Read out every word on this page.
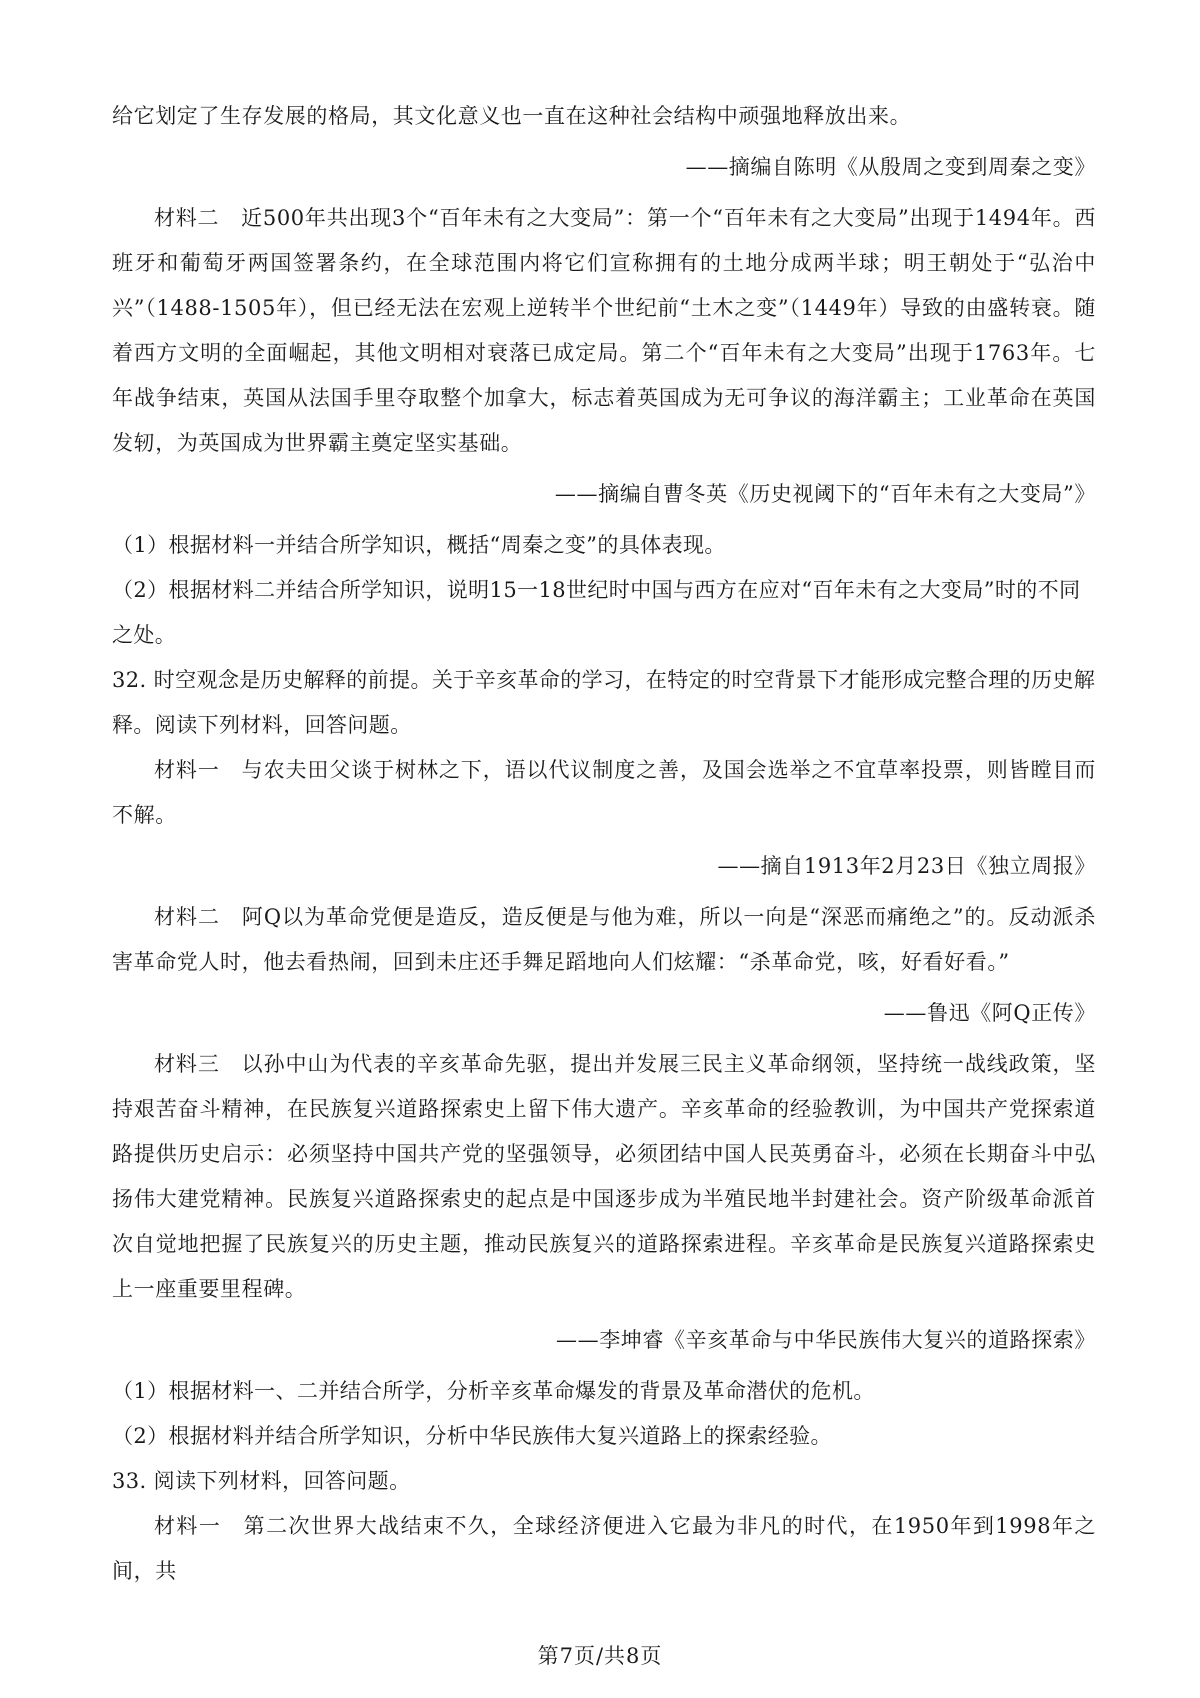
给它划定了生存发展的格局，其文化意义也一直在这种社会结构中顽强地释放出来。

——摘编自陈明《从殷周之变到周秦之变》

材料二　近500年共出现3个“百年未有之大变局”：第一个“百年未有之大变局”出现于1494年。西班牙和葡萄牙两国签署条约，在全球范围内将它们宣称拥有的土地分成两半球；明王朝处于“弘治中兴”（1488-1505年），但已经无法在宏观上逆转半个世纪前“土木之变”（1449年）导致的由盛转衰。随着西方文明的全面崛起，其他文明相对衰落已成定局。第二个“百年未有之大变局”出现于1763年。七年战争结束，英国从法国手里夺取整个加拿大，标志着英国成为无可争议的海洋霸主；工业革命在英国发轫，为英国成为世界霸主奠定坚实基础。

——摘编自曹冬英《历史视阈下的“百年未有之大变局”》

（1）根据材料一并结合所学知识，概括“周秦之变”的具体表现。

（2）根据材料二并结合所学知识，说明15一18世纪时中国与西方在应对“百年未有之大变局”时的不同之处。

32. 时空观念是历史解释的前提。关于辛亥革命的学习，在特定的时空背景下才能形成完整合理的历史解释。阅读下列材料，回答问题。

材料一　与农夫田父谈于树林之下，语以代议制度之善，及国会选举之不宜草率投票，则皆瞠目而不解。

——摘自1913年2月23日《独立周报》

材料二　阿Q以为革命党便是造反，造反便是与他为难，所以一向是“深恶而痛绝之”的。反动派杀害革命党人时，他去看热闹，回到未庄还手舞足蹈地向人们炫耀：“杀革命党，咳，好看好看。”

——鲁迅《阿Q正传》

材料三　以孙中山为代表的辛亥革命先驱，提出并发展三民主义革命纲领，坚持统一战线政策，坚持艰苦奋斗精神，在民族复兴道路探索史上留下伟大遗产。辛亥革命的经验教训，为中国共产党探索道路提供历史启示：必须坚持中国共产党的坚强领导，必须团结中国人民英勇奋斗，必须在长期奋斗中弘扬伟大建党精神。民族复兴道路探索史的起点是中国逐步成为半殖民地半封建社会。资产阶级革命派首次自觉地把握了民族复兴的历史主题，推动民族复兴的道路探索进程。辛亥革命是民族复兴道路探索史上一座重要里程碑。

——李坤睿《辛亥革命与中华民族伟大复兴的道路探索》

（1）根据材料一、二并结合所学，分析辛亥革命爆发的背景及革命潜伏的危机。

（2）根据材料并结合所学知识，分析中华民族伟大复兴道路上的探索经验。

33. 阅读下列材料，回答问题。

材料一　第二次世界大战结束不久，全球经济便进入它最为非凡的时代，在1950年到1998年之间，共

第7页/共8页
